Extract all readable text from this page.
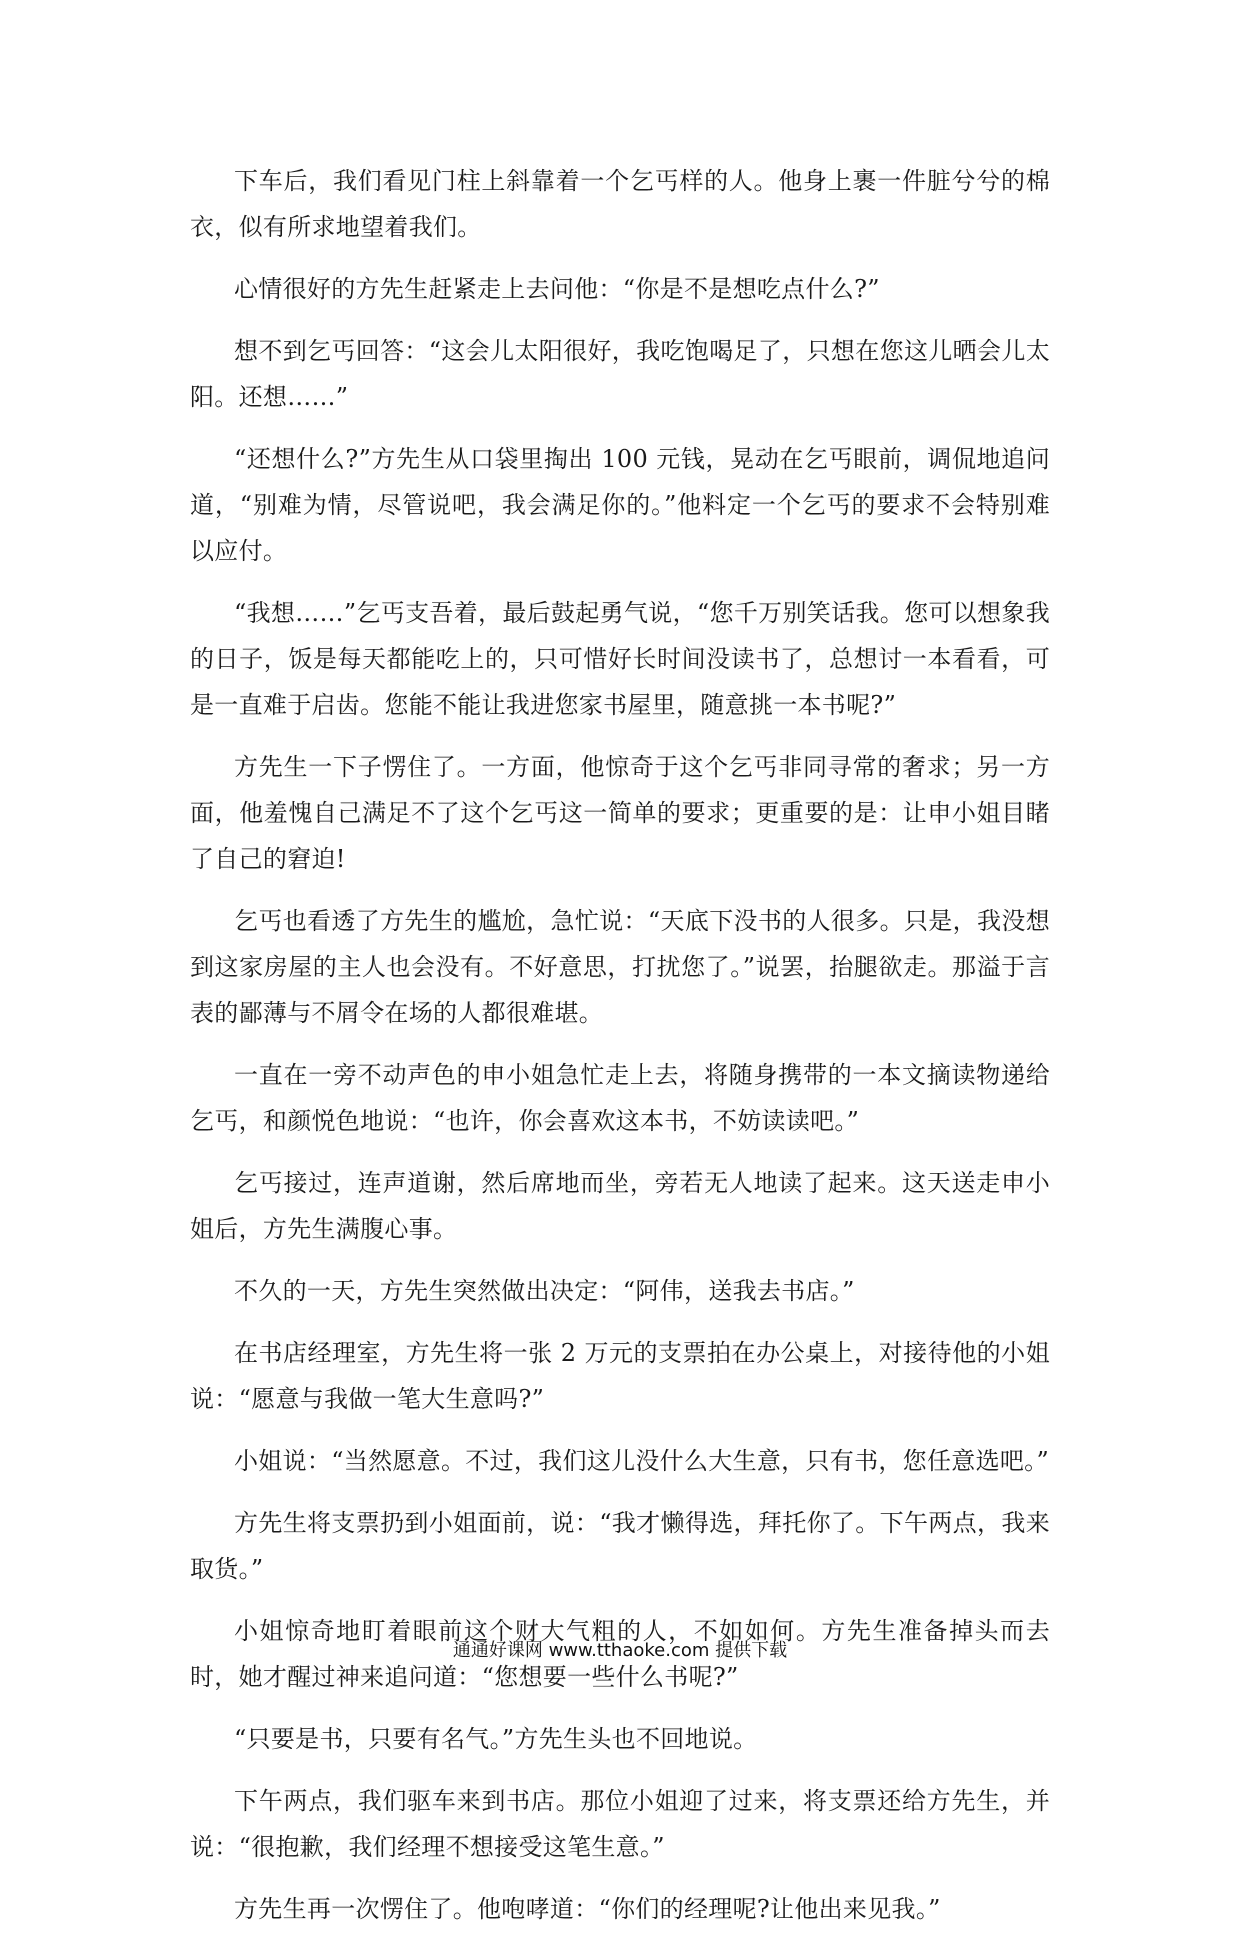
下车后，我们看见门柱上斜靠着一个乞丐样的人。他身上裹一件脏兮兮的棉衣，似有所求地望着我们。

心情很好的方先生赶紧走上去问他：“你是不是想吃点什么?”

想不到乞丐回答：“这会儿太阳很好，我吃饱喝足了，只想在您这儿晒会儿太阳。还想……”

“还想什么?”方先生从口袋里掏出 100 元钱，晃动在乞丐眼前，调侃地追问道，“别难为情，尽管说吧，我会满足你的。”他料定一个乞丐的要求不会特别难以应付。

“我想……”乞丐支吾着，最后鼓起勇气说，“您千万别笑话我。您可以想象我的日子，饭是每天都能吃上的，只可惜好长时间没读书了，总想讨一本看看，可是一直难于启齿。您能不能让我进您家书屋里，随意挑一本书呢?”

方先生一下子愣住了。一方面，他惊奇于这个乞丐非同寻常的奢求；另一方面，他羞愧自己满足不了这个乞丐这一简单的要求；更重要的是：让申小姐目睹了自己的窘迫!

乞丐也看透了方先生的尴尬，急忙说：“天底下没书的人很多。只是，我没想到这家房屋的主人也会没有。不好意思，打扰您了。”说罢，抬腿欲走。那溢于言表的鄙薄与不屑令在场的人都很难堪。

一直在一旁不动声色的申小姐急忙走上去，将随身携带的一本文摘读物递给乞丐，和颜悦色地说：“也许，你会喜欢这本书，不妨读读吧。”

乞丐接过，连声道谢，然后席地而坐，旁若无人地读了起来。这天送走申小姐后，方先生满腹心事。

不久的一天，方先生突然做出决定：“阿伟，送我去书店。”

在书店经理室，方先生将一张 2 万元的支票拍在办公桌上，对接待他的小姐说：“愿意与我做一笔大生意吗?”

小姐说：“当然愿意。不过，我们这儿没什么大生意，只有书，您任意选吧。”

方先生将支票扔到小姐面前，说：“我才懒得选，拜托你了。下午两点，我来取货。”

小姐惊奇地盯着眼前这个财大气粗的人，不如如何。方先生准备掉头而去时，她才醒过神来追问道：“您想要一些什么书呢?”

“只要是书，只要有名气。”方先生头也不回地说。

下午两点，我们驱车来到书店。那位小姐迎了过来，将支票还给方先生，并说：“很抱歉，我们经理不想接受这笔生意。”

方先生再一次愣住了。他咆哮道：“你们的经理呢?让他出来见我。”

通通好课网 www.tthaoke.com 提供下载
